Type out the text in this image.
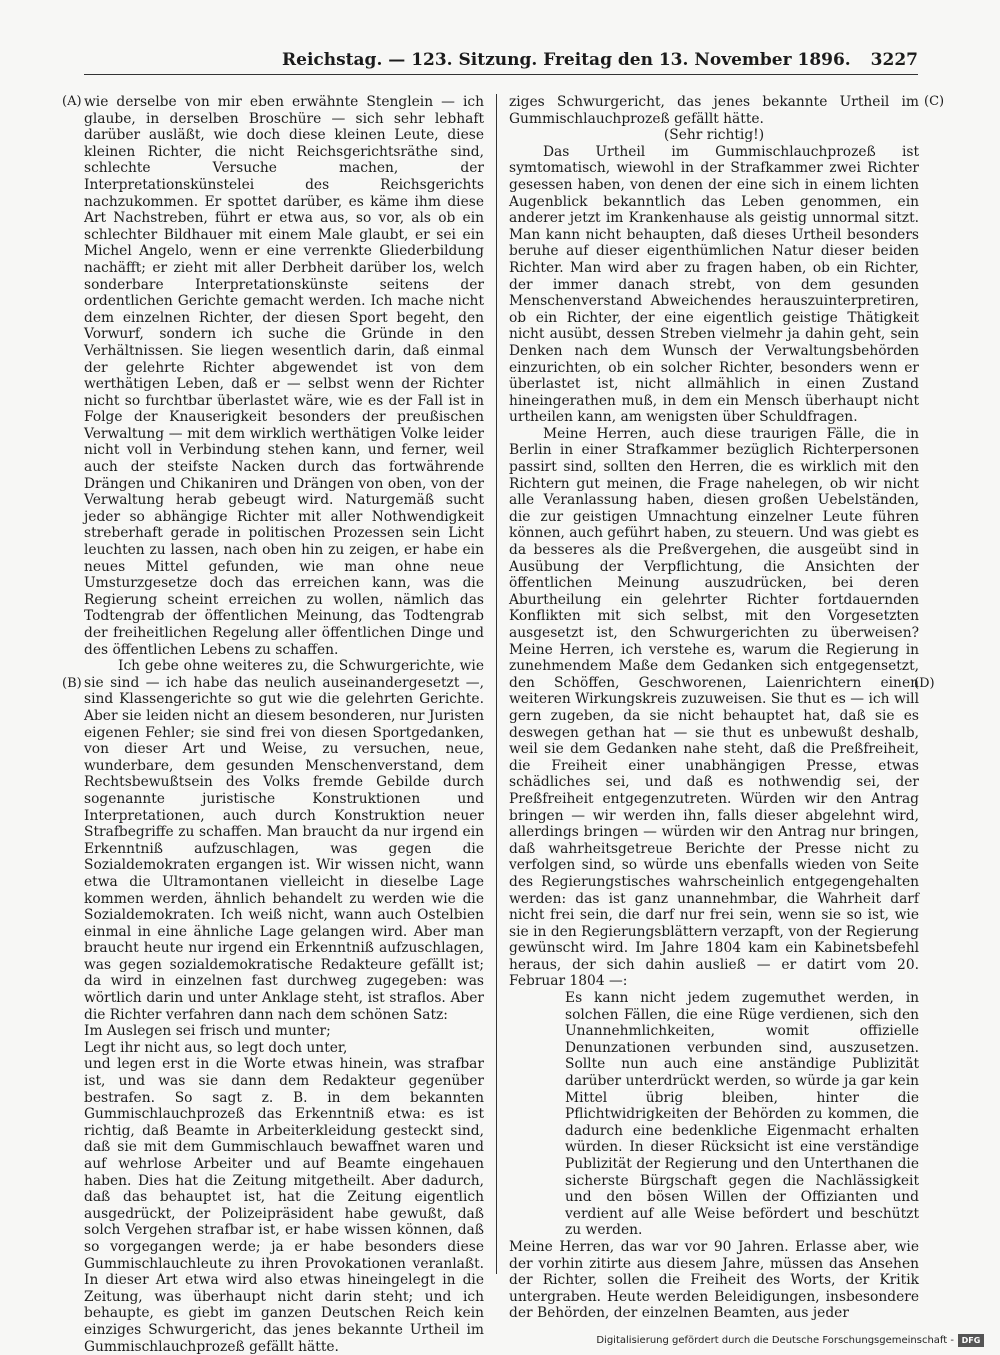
Reichstag. — 123. Sitzung. Freitag den 13. November 1896. 3227
(A)
(B)
(C)
(D)

wie derselbe von mir eben erwähnte Stenglein — ich glaube, in derselben Broschüre — sich sehr lebhaft darüber ausläßt, wie doch diese kleinen Leute, diese kleinen Richter, die nicht Reichsgerichtsräthe sind, schlechte Versuche machen, der Interpretationskünstelei des Reichsgerichts nachzukommen. Er spottet darüber, es käme ihm diese Art Nachstreben, führt er etwa aus, so vor, als ob ein schlechter Bildhauer mit einem Male glaubt, er sei ein Michel Angelo, wenn er eine verrenkte Gliederbildung nachäfft; er zieht mit aller Derbheit darüber los, welch sonderbare Interpretationskünste seitens der ordentlichen Gerichte gemacht werden. Ich mache nicht dem einzelnen Richter, der diesen Sport begeht, den Vorwurf, sondern ich suche die Gründe in den Verhältnissen. Sie liegen wesentlich darin, daß einmal der gelehrte Richter abgewendet ist von dem werthätigen Leben, daß er — selbst wenn der Richter nicht so furchtbar überlastet wäre, wie es der Fall ist in Folge der Knauserigkeit besonders der preußischen Verwaltung — mit dem wirklich werthätigen Volke leider nicht voll in Verbindung stehen kann, und ferner, weil auch der steifste Nacken durch das fortwährende Drängen und Chikaniren und Drängen von oben, von der Verwaltung herab gebeugt wird. Naturgemäß sucht jeder so abhängige Richter mit aller Nothwendigkeit streberhaft gerade in politischen Prozessen sein Licht leuchten zu lassen, nach oben hin zu zeigen, er habe ein neues Mittel gefunden, wie man ohne neue Umsturzgesetze doch das erreichen kann, was die Regierung scheint erreichen zu wollen, nämlich das Todtengrab der öffentlichen Meinung, das Todtengrab der freiheitlichen Regelung aller öffentlichen Dinge und des öffentlichen Lebens zu schaffen.

Ich gebe ohne weiteres zu, die Schwurgerichte, wie sie sind — ich habe das neulich auseinandergesetzt —, sind Klassengerichte so gut wie die gelehrten Gerichte. Aber sie leiden nicht an diesem besonderen, nur Juristen eigenen Fehler; sie sind frei von diesen Sportgedanken, von dieser Art und Weise, zu versuchen, neue, wunderbare, dem gesunden Menschenverstand, dem Rechtsbewußtsein des Volks fremde Gebilde durch sogenannte juristische Konstruktionen und Interpretationen, auch durch Konstruktion neuer Strafbegriffe zu schaffen. Man braucht da nur irgend ein Erkenntniß aufzuschlagen, was gegen die Sozialdemokraten ergangen ist. Wir wissen nicht, wann etwa die Ultramontanen vielleicht in dieselbe Lage kommen werden, ähnlich behandelt zu werden wie die Sozialdemokraten. Ich weiß nicht, wann auch Ostelbien einmal in eine ähnliche Lage gelangen wird. Aber man braucht heute nur irgend ein Erkenntniß aufzuschlagen, was gegen sozialdemokratische Redakteure gefällt ist; da wird in einzelnen fast durchweg zugegeben: was wörtlich darin und unter Anklage steht, ist straflos. Aber die Richter verfahren dann nach dem schönen Satz:

Im Auslegen sei frisch und munter;

Legt ihr nicht aus, so legt doch unter,

und legen erst in die Worte etwas hinein, was strafbar ist, und was sie dann dem Redakteur gegenüber bestrafen. So sagt z. B. in dem bekannten Gummischlauchprozeß das Erkenntniß etwa: es ist richtig, daß Beamte in Arbeiterkleidung gesteckt sind, daß sie mit dem Gummischlauch bewaffnet waren und auf wehrlose Arbeiter und auf Beamte eingehauen haben. Dies hat die Zeitung mitgetheilt. Aber dadurch, daß das behauptet ist, hat die Zeitung eigentlich ausgedrückt, der Polizeipräsident habe gewußt, daß solch Vergehen strafbar ist, er habe wissen können, daß so vorgegangen werde; ja er habe besonders diese Gummischlauchleute zu ihren Provokationen veranlaßt. In dieser Art etwa wird also etwas hineingelegt in die Zeitung, was überhaupt nicht darin steht; und ich behaupte, es giebt im ganzen Deutschen Reich kein einziges Schwurgericht, das jenes bekannte Urtheil im Gummischlauchprozeß gefällt hätte.

ziges Schwurgericht, das jenes bekannte Urtheil im Gummischlauchprozeß gefällt hätte.

(Sehr richtig!)

Das Urtheil im Gummischlauchprozeß ist symtomatisch, wiewohl in der Strafkammer zwei Richter gesessen haben, von denen der eine sich in einem lichten Augenblick bekanntlich das Leben genommen, ein anderer jetzt im Krankenhause als geistig unnormal sitzt. Man kann nicht behaupten, daß dieses Urtheil besonders beruhe auf dieser eigenthümlichen Natur dieser beiden Richter. Man wird aber zu fragen haben, ob ein Richter, der immer danach strebt, von dem gesunden Menschenverstand Abweichendes herauszuinterpretiren, ob ein Richter, der eine eigentlich geistige Thätigkeit nicht ausübt, dessen Streben vielmehr ja dahin geht, sein Denken nach dem Wunsch der Verwaltungsbehörden einzurichten, ob ein solcher Richter, besonders wenn er überlastet ist, nicht allmählich in einen Zustand hineingerathen muß, in dem ein Mensch überhaupt nicht urtheilen kann, am wenigsten über Schuldfragen.

Meine Herren, auch diese traurigen Fälle, die in Berlin in einer Strafkammer bezüglich Richterpersonen passirt sind, sollten den Herren, die es wirklich mit den Richtern gut meinen, die Frage nahelegen, ob wir nicht alle Veranlassung haben, diesen großen Uebelständen, die zur geistigen Umnachtung einzelner Leute führen können, auch geführt haben, zu steuern. Und was giebt es da besseres als die Preßvergehen, die ausgeübt sind in Ausübung der Verpflichtung, die Ansichten der öffentlichen Meinung auszudrücken, bei deren Aburtheilung ein gelehrter Richter fortdauernden Konflikten mit sich selbst, mit den Vorgesetzten ausgesetzt ist, den Schwurgerichten zu überweisen? Meine Herren, ich verstehe es, warum die Regierung in zunehmendem Maße dem Gedanken sich entgegensetzt, den Schöffen, Geschworenen, Laienrichtern einen weiteren Wirkungskreis zuzuweisen. Sie thut es — ich will gern zugeben, da sie nicht behauptet hat, daß sie es deswegen gethan hat — sie thut es unbewußt deshalb, weil sie dem Gedanken nahe steht, daß die Preßfreiheit, die Freiheit einer unabhängigen Presse, etwas schädliches sei, und daß es nothwendig sei, der Preßfreiheit entgegenzutreten. Würden wir den Antrag bringen — wir werden ihn, falls dieser abgelehnt wird, allerdings bringen — würden wir den Antrag nur bringen, daß wahrheitsgetreue Berichte der Presse nicht zu verfolgen sind, so würde uns ebenfalls wieden von Seite des Regierungstisches wahrscheinlich entgegengehalten werden: das ist ganz unannehmbar, die Wahrheit darf nicht frei sein, die darf nur frei sein, wenn sie so ist, wie sie in den Regierungsblättern verzapft, von der Regierung gewünscht wird. Im Jahre 1804 kam ein Kabinetsbefehl heraus, der sich dahin ausließ — er datirt vom 20. Februar 1804 —:

Es kann nicht jedem zugemuthet werden, in solchen Fällen, die eine Rüge verdienen, sich den Unannehmlichkeiten, womit offizielle Denunzationen verbunden sind, auszusetzen. Sollte nun auch eine anständige Publizität darüber unterdrückt werden, so würde ja gar kein Mittel übrig bleiben, hinter die Pflichtwidrigkeiten der Behörden zu kommen, die dadurch eine bedenkliche Eigenmacht erhalten würden. In dieser Rücksicht ist eine verständige Publizität der Regierung und den Unterthanen die sicherste Bürgschaft gegen die Nachlässigkeit und den bösen Willen der Offizianten und verdient auf alle Weise befördert und beschützt zu werden.

Meine Herren, das war vor 90 Jahren. Erlasse aber, wie der vorhin zitirte aus diesem Jahre, müssen das Ansehen der Richter, sollen die Freiheit des Worts, der Kritik untergraben. Heute werden Beleidigungen, insbesondere der Behörden, der einzelnen Beamten, aus jeder

Digitalisierung gefördert durch die Deutsche Forschungsgemeinschaft - DFG
